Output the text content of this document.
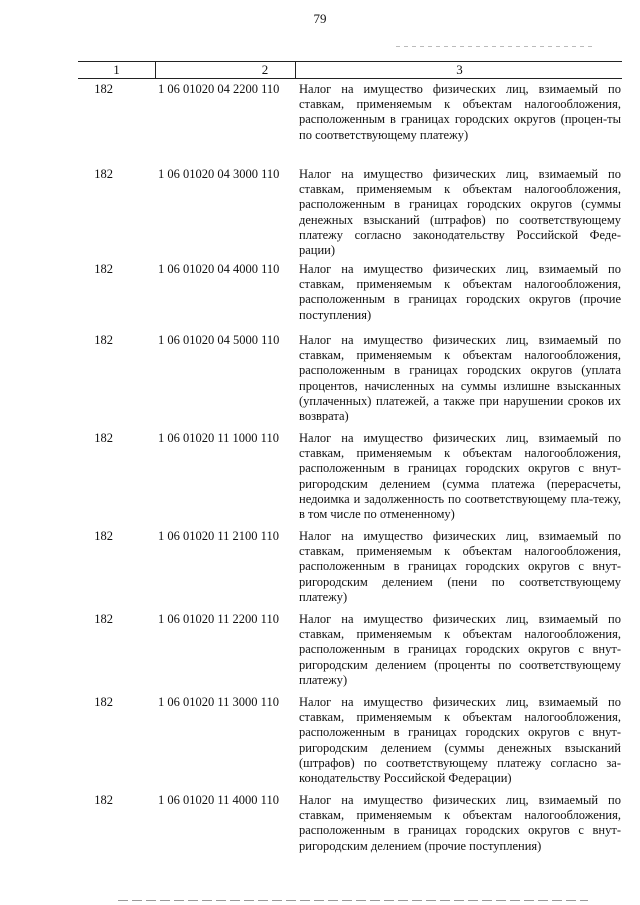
79
1	2	3
182	1 06 01020 04 2200 110	Налог на имущество физических лиц, взимаемый по ставкам, применяемым к объектам налогообложения, расположенным в границах городских округов (процен-ты по соответствующему платежу)
182	1 06 01020 04 3000 110	Налог на имущество физических лиц, взимаемый по ставкам, применяемым к объектам налогообложения, расположенным в границах городских округов (суммы денежных взысканий (штрафов) по соответствующему платежу согласно законодательству Российской Феде-рации)
182	1 06 01020 04 4000 110	Налог на имущество физических лиц, взимаемый по ставкам, применяемым к объектам налогообложения, расположенным в границах городских округов (прочие поступления)
182	1 06 01020 04 5000 110	Налог на имущество физических лиц, взимаемый по ставкам, применяемым к объектам налогообложения, расположенным в границах городских округов (уплата процентов, начисленных на суммы излишне взысканных (уплаченных) платежей, а также при нарушении сроков их возврата)
182	1 06 01020 11 1000 110	Налог на имущество физических лиц, взимаемый по ставкам, применяемым к объектам налогообложения, расположенным в границах городских округов с внут-ригородским делением (сумма платежа (перерасчеты, недоимка и задолженность по соответствующему пла-тежу, в том числе по отмененному)
182	1 06 01020 11 2100 110	Налог на имущество физических лиц, взимаемый по ставкам, применяемым к объектам налогообложения, расположенным в границах городских округов с внут-ригородским делением (пени по соответствующему платежу)
182	1 06 01020 11 2200 110	Налог на имущество физических лиц, взимаемый по ставкам, применяемым к объектам налогообложения, расположенным в границах городских округов с внут-ригородским делением (проценты по соответствующему платежу)
182	1 06 01020 11 3000 110	Налог на имущество физических лиц, взимаемый по ставкам, применяемым к объектам налогообложения, расположенным в границах городских округов с внут-ригородским делением (суммы денежных взысканий (штрафов) по соответствующему платежу согласно за-конодательству Российской Федерации)
182	1 06 01020 11 4000 110	Налог на имущество физических лиц, взимаемый по ставкам, применяемым к объектам налогообложения, расположенным в границах городских округов с внут-ригородским делением (прочие поступления)
